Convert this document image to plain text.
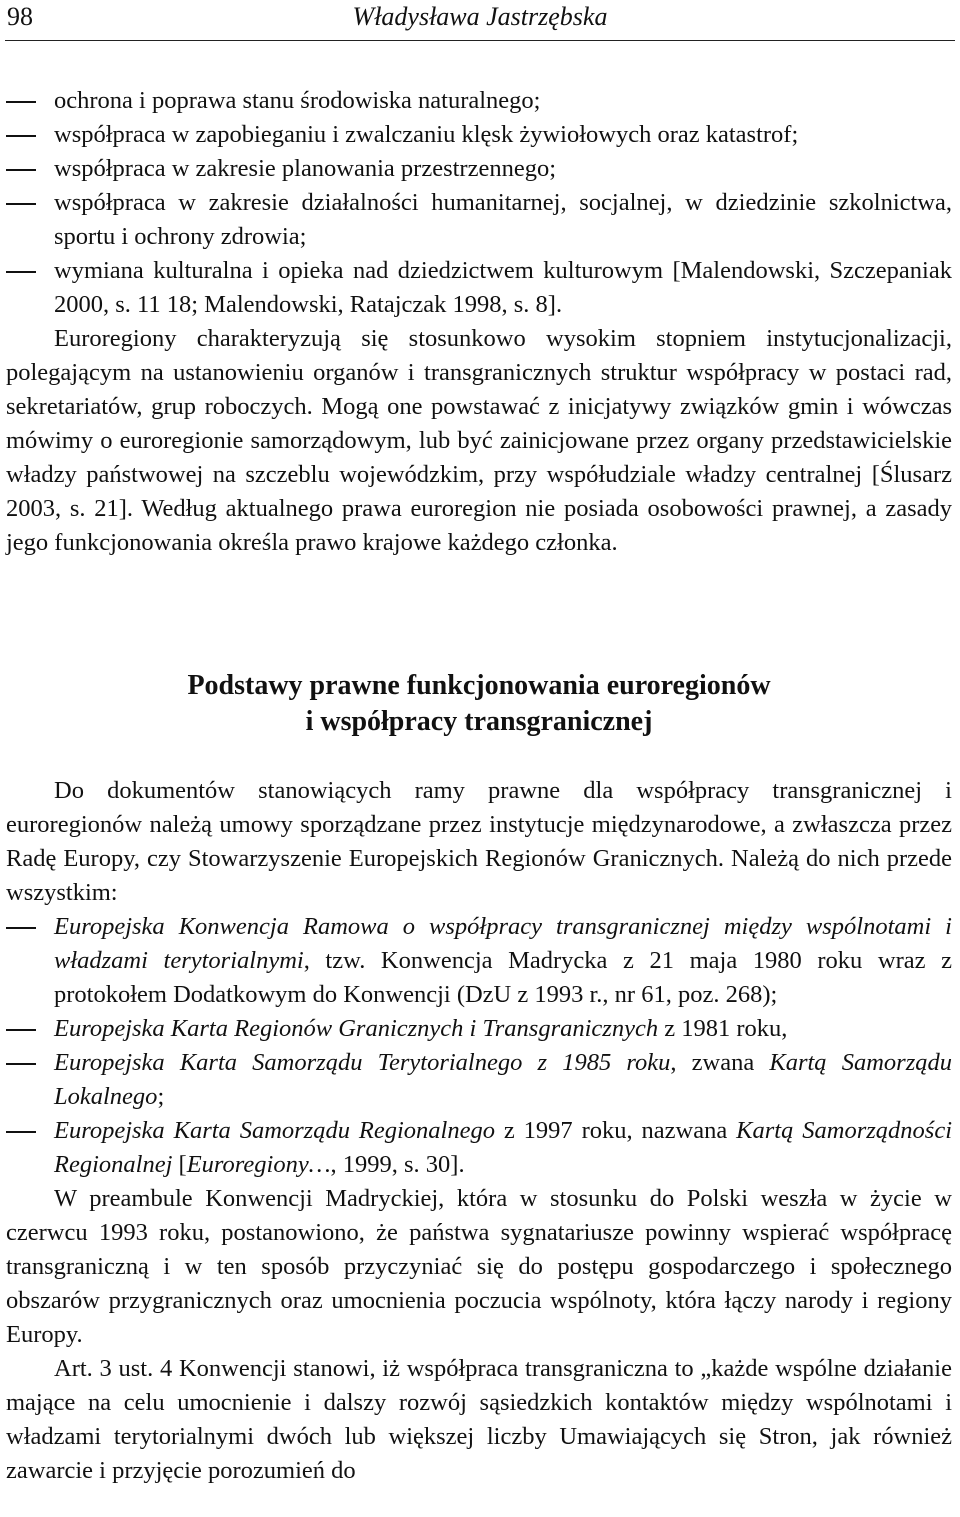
98	Władysława Jastrzębska
ochrona i poprawa stanu środowiska naturalnego;
współpraca w zapobieganiu i zwalczaniu klęsk żywiołowych oraz katastrof;
współpraca w zakresie planowania przestrzennego;
współpraca w zakresie działalności humanitarnej, socjalnej, w dziedzinie szkolnictwa, sportu i ochrony zdrowia;
wymiana kulturalna i opieka nad dziedzictwem kulturowym [Malendowski, Szczepaniak 2000, s. 11 18; Malendowski, Ratajczak 1998, s. 8].

Euroregiony charakteryzują się stosunkowo wysokim stopniem instytucjonalizacji, polegającym na ustanowieniu organów i transgranicznych struktur współpracy w postaci rad, sekretariatów, grup roboczych. Mogą one powstawać z inicjatywy związków gmin i wówczas mówimy o euroregionie samorządowym, lub być zainicjowane przez organy przedstawicielskie władzy państwowej na szczeblu wojewódzkim, przy współudziale władzy centralnej [Ślusarz 2003, s. 21]. Według aktualnego prawa euroregion nie posiada osobowości prawnej, a zasady jego funkcjonowania określa prawo krajowe każdego członka.

Podstawy prawne funkcjonowania euroregionów
i współpracy transgranicznej

Do dokumentów stanowiących ramy prawne dla współpracy transgranicznej i euroregionów należą umowy sporządzane przez instytucje międzynarodowe, a zwłaszcza przez Radę Europy, czy Stowarzyszenie Europejskich Regionów Granicznych. Należą do nich przede wszystkim:

Europejska Konwencja Ramowa o współpracy transgranicznej między wspólnotami i władzami terytorialnymi, tzw. Konwencja Madrycka z 21 maja 1980 roku wraz z protokołem Dodatkowym do Konwencji (DzU z 1993 r., nr 61, poz. 268);
Europejska Karta Regionów Granicznych i Transgranicznych z 1981 roku,
Europejska Karta Samorządu Terytorialnego z 1985 roku, zwana Kartą Samorządu Lokalnego;
Europejska Karta Samorządu Regionalnego z 1997 roku, nazwana Kartą Samorządności Regionalnej [Euroregiony…, 1999, s. 30].

W preambule Konwencji Madryckiej, która w stosunku do Polski weszła w życie w czerwcu 1993 roku, postanowiono, że państwa sygnatariusze powinny wspierać współpracę transgraniczną i w ten sposób przyczyniać się do postępu gospodarczego i społecznego obszarów przygranicznych oraz umocnienia poczucia wspólnoty, która łączy narody i regiony Europy.

Art. 3 ust. 4 Konwencji stanowi, iż współpraca transgraniczna to „każde wspólne działanie mające na celu umocnienie i dalszy rozwój sąsiedzkich kontaktów między wspólnotami i władzami terytorialnymi dwóch lub większej liczby Umawiających się Stron, jak również zawarcie i przyjęcie porozumień do
